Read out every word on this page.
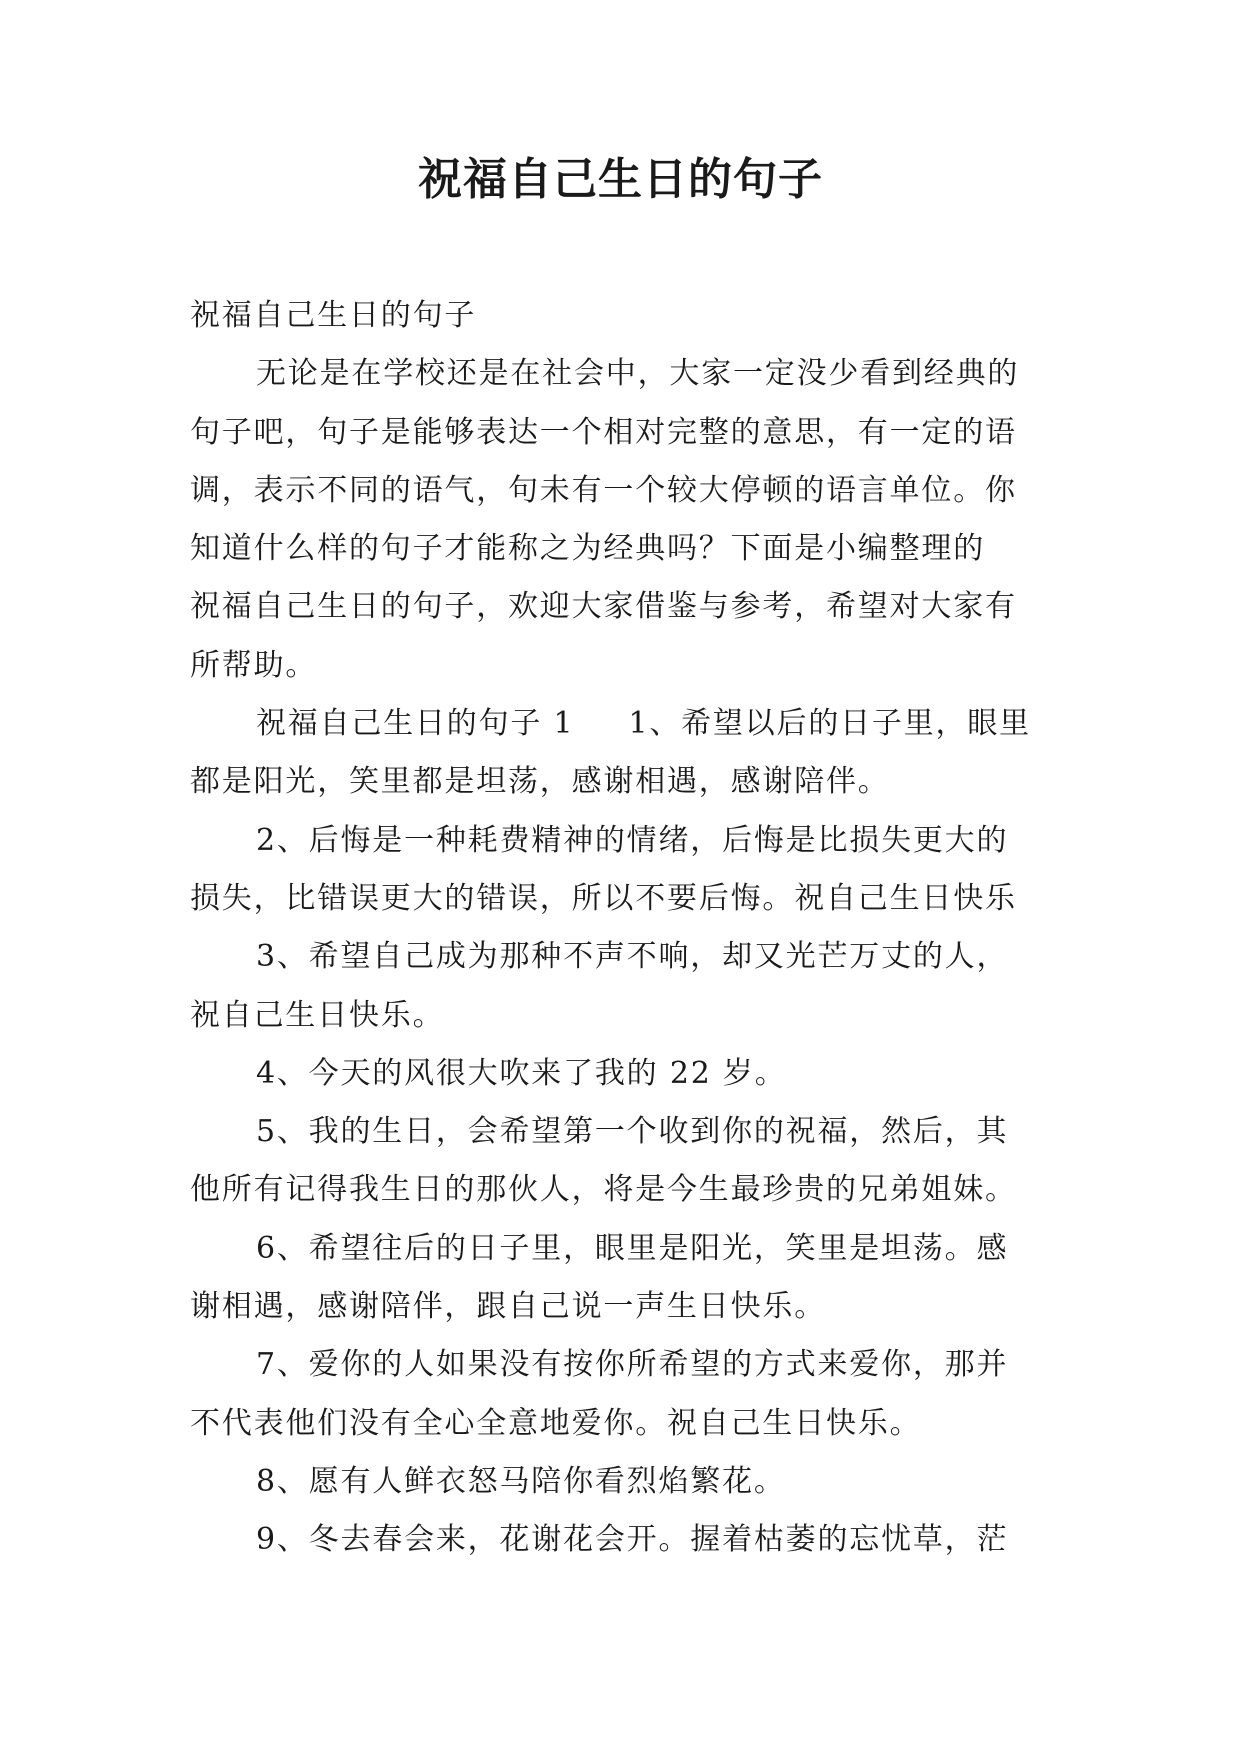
祝福自己生日的句子
祝福自己生日的句子
无论是在学校还是在社会中，大家一定没少看到经典的
句子吧，句子是能够表达一个相对完整的意思，有一定的语
调，表示不同的语气，句未有一个较大停顿的语言单位。你
知道什么样的句子才能称之为经典吗？下面是小编整理的
祝福自己生日的句子，欢迎大家借鉴与参考，希望对大家有
所帮助。
祝福自己生日的句子 1 1、希望以后的日子里，眼里
都是阳光，笑里都是坦荡，感谢相遇，感谢陪伴。
2、后悔是一种耗费精神的情绪，后悔是比损失更大的
损失，比错误更大的错误，所以不要后悔。祝自己生日快乐
3、希望自己成为那种不声不响，却又光芒万丈的人，
祝自己生日快乐。
4、今天的风很大吹来了我的 22 岁。
5、我的生日，会希望第一个收到你的祝福，然后，其
他所有记得我生日的那伙人，将是今生最珍贵的兄弟姐妹。
6、希望往后的日子里，眼里是阳光，笑里是坦荡。感
谢相遇，感谢陪伴，跟自己说一声生日快乐。
7、爱你的人如果没有按你所希望的方式来爱你，那并
不代表他们没有全心全意地爱你。祝自己生日快乐。
8、愿有人鲜衣怒马陪你看烈焰繁花。
9、冬去春会来，花谢花会开。握着枯萎的忘忧草，茫
